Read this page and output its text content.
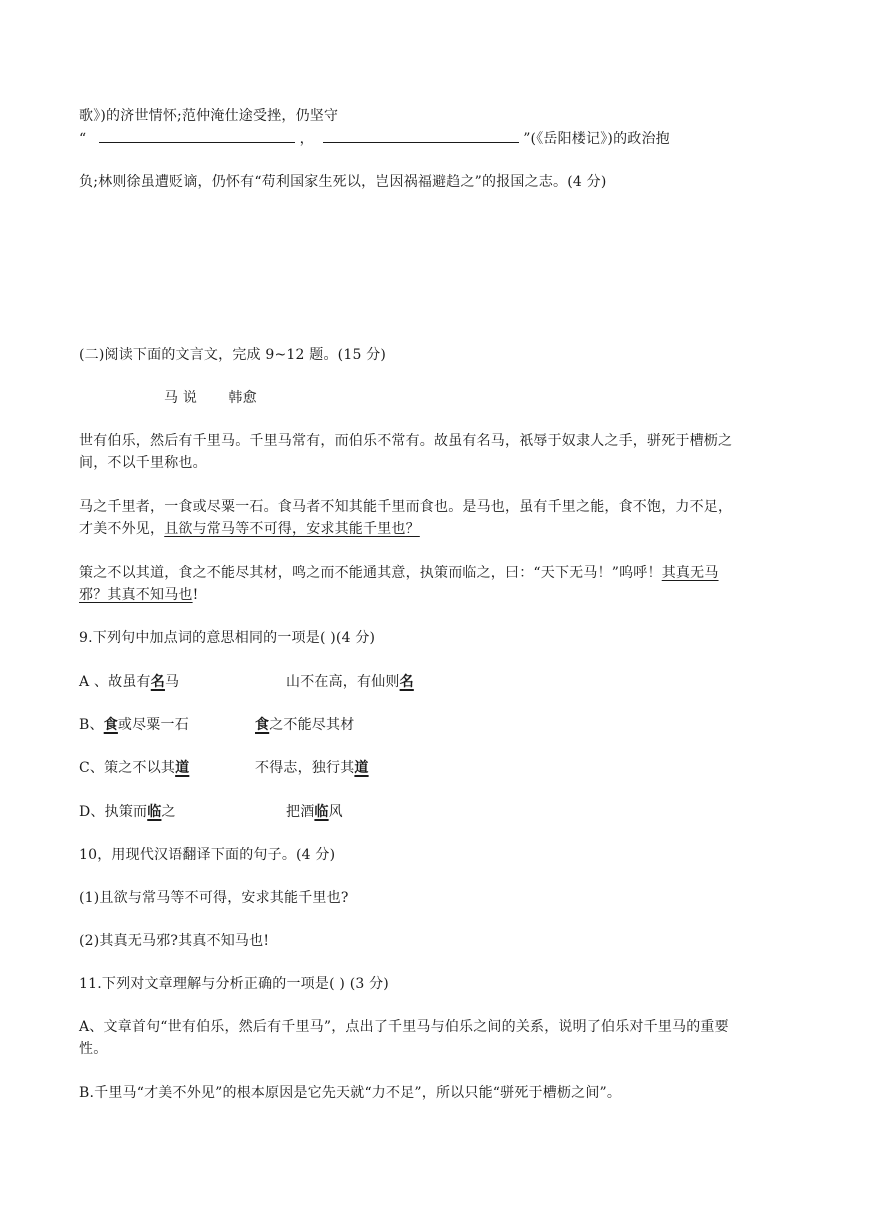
歌》)的济世情怀;范仲淹仕途受挫，仍坚守
“	，	”(《岳阳楼记》)的政治抱
负;林则徐虽遭贬谪，仍怀有“苟利国家生死以，岂因祸福避趋之”的报国之志。(4 分)
(二)阅读下面的文言文，完成 9~12 题。(15 分)
马 说 韩愈
世有伯乐，然后有千里马。千里马常有，而伯乐不常有。故虽有名马，祇辱于奴隶人之手，骈死于槽枥之
间，不以千里称也。
马之千里者，一食或尽粟一石。食马者不知其能千里而食也。是马也，虽有千里之能，食不饱，力不足，
才美不外见，且欲与常马等不可得，安求其能千里也？
策之不以其道，食之不能尽其材，鸣之而不能通其意，执策而临之，曰：“天下无马！”呜呼！其真无马
邪？其真不知马也!
9.下列句中加点词的意思相同的一项是( )(4 分)
A 、故虽有名马	山不在高，有仙则名
B、食或尽粟一石	食之不能尽其材
C、策之不以其道	不得志，独行其道
D、执策而临之	把酒临风
10，用现代汉语翻译下面的句子。(4 分)
(1)且欲与常马等不可得，安求其能千里也?
(2)其真无马邪?其真不知马也!
11.下列对文章理解与分析正确的一项是( ) (3 分)
A、文章首句“世有伯乐，然后有千里马”，点出了千里马与伯乐之间的关系，说明了伯乐对千里马的重要
性。
B.千里马“才美不外见”的根本原因是它先天就“力不足”，所以只能“骈死于槽枥之间”。
